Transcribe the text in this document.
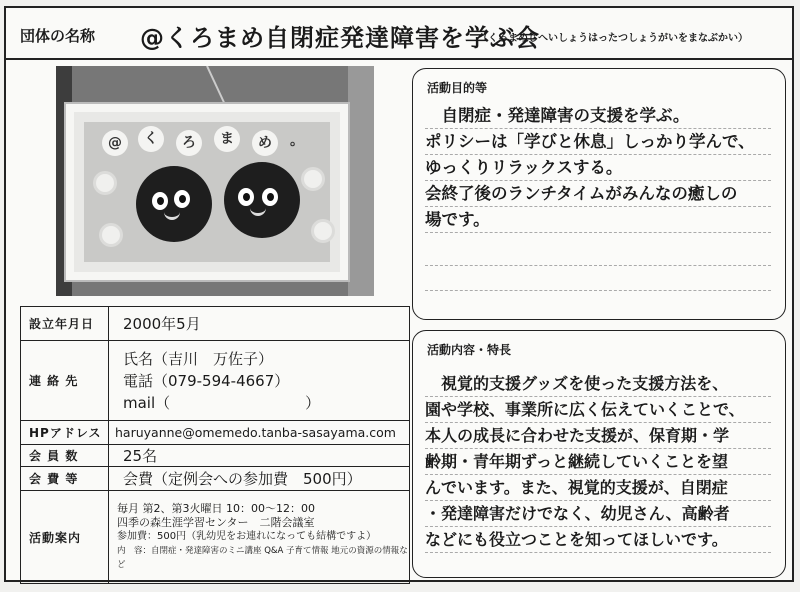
団体の名称 @くろまめ自閉症発達障害を学ぶ会
（くろまめじへいしょうはったつしょうがいをまなぶかい）
@	く	ろ	ま	め	。
設立年月日	2000年5月
連 絡 先	氏名（吉川　万佐子）
電話（079-594-4667）
mail（　　　　　　　　　）

HPアドレス	haruyanne@omemedo.tanba-sasayama.com
会 員 数	25名
会 費 等	会費（定例会への参加費　500円）
活動案内	毎月 第2、第3火曜日 10：00～12：00
四季の森生涯学習センター　二階会議室
参加費：500円（乳幼児をお連れになっても結構ですよ）
内　容：自閉症・発達障害のミニ講座 Q&A 子育て情報 地元の資源の情報など
活動目的等
　自閉症・発達障害の支援を学ぶ。
ポリシーは「学びと休息」しっかり学んで、
ゆっくりリラックスする。
会終了後のランチタイムがみんなの癒しの
場です。
活動内容・特長
　視覚的支援グッズを使った支援方法を、
園や学校、事業所に広く伝えていくことで、
本人の成長に合わせた支援が、保育期・学
齢期・青年期ずっと継続していくことを望
んでいます。また、視覚的支援が、自閉症
・発達障害だけでなく、幼児さん、高齢者
などにも役立つことを知ってほしいです。
